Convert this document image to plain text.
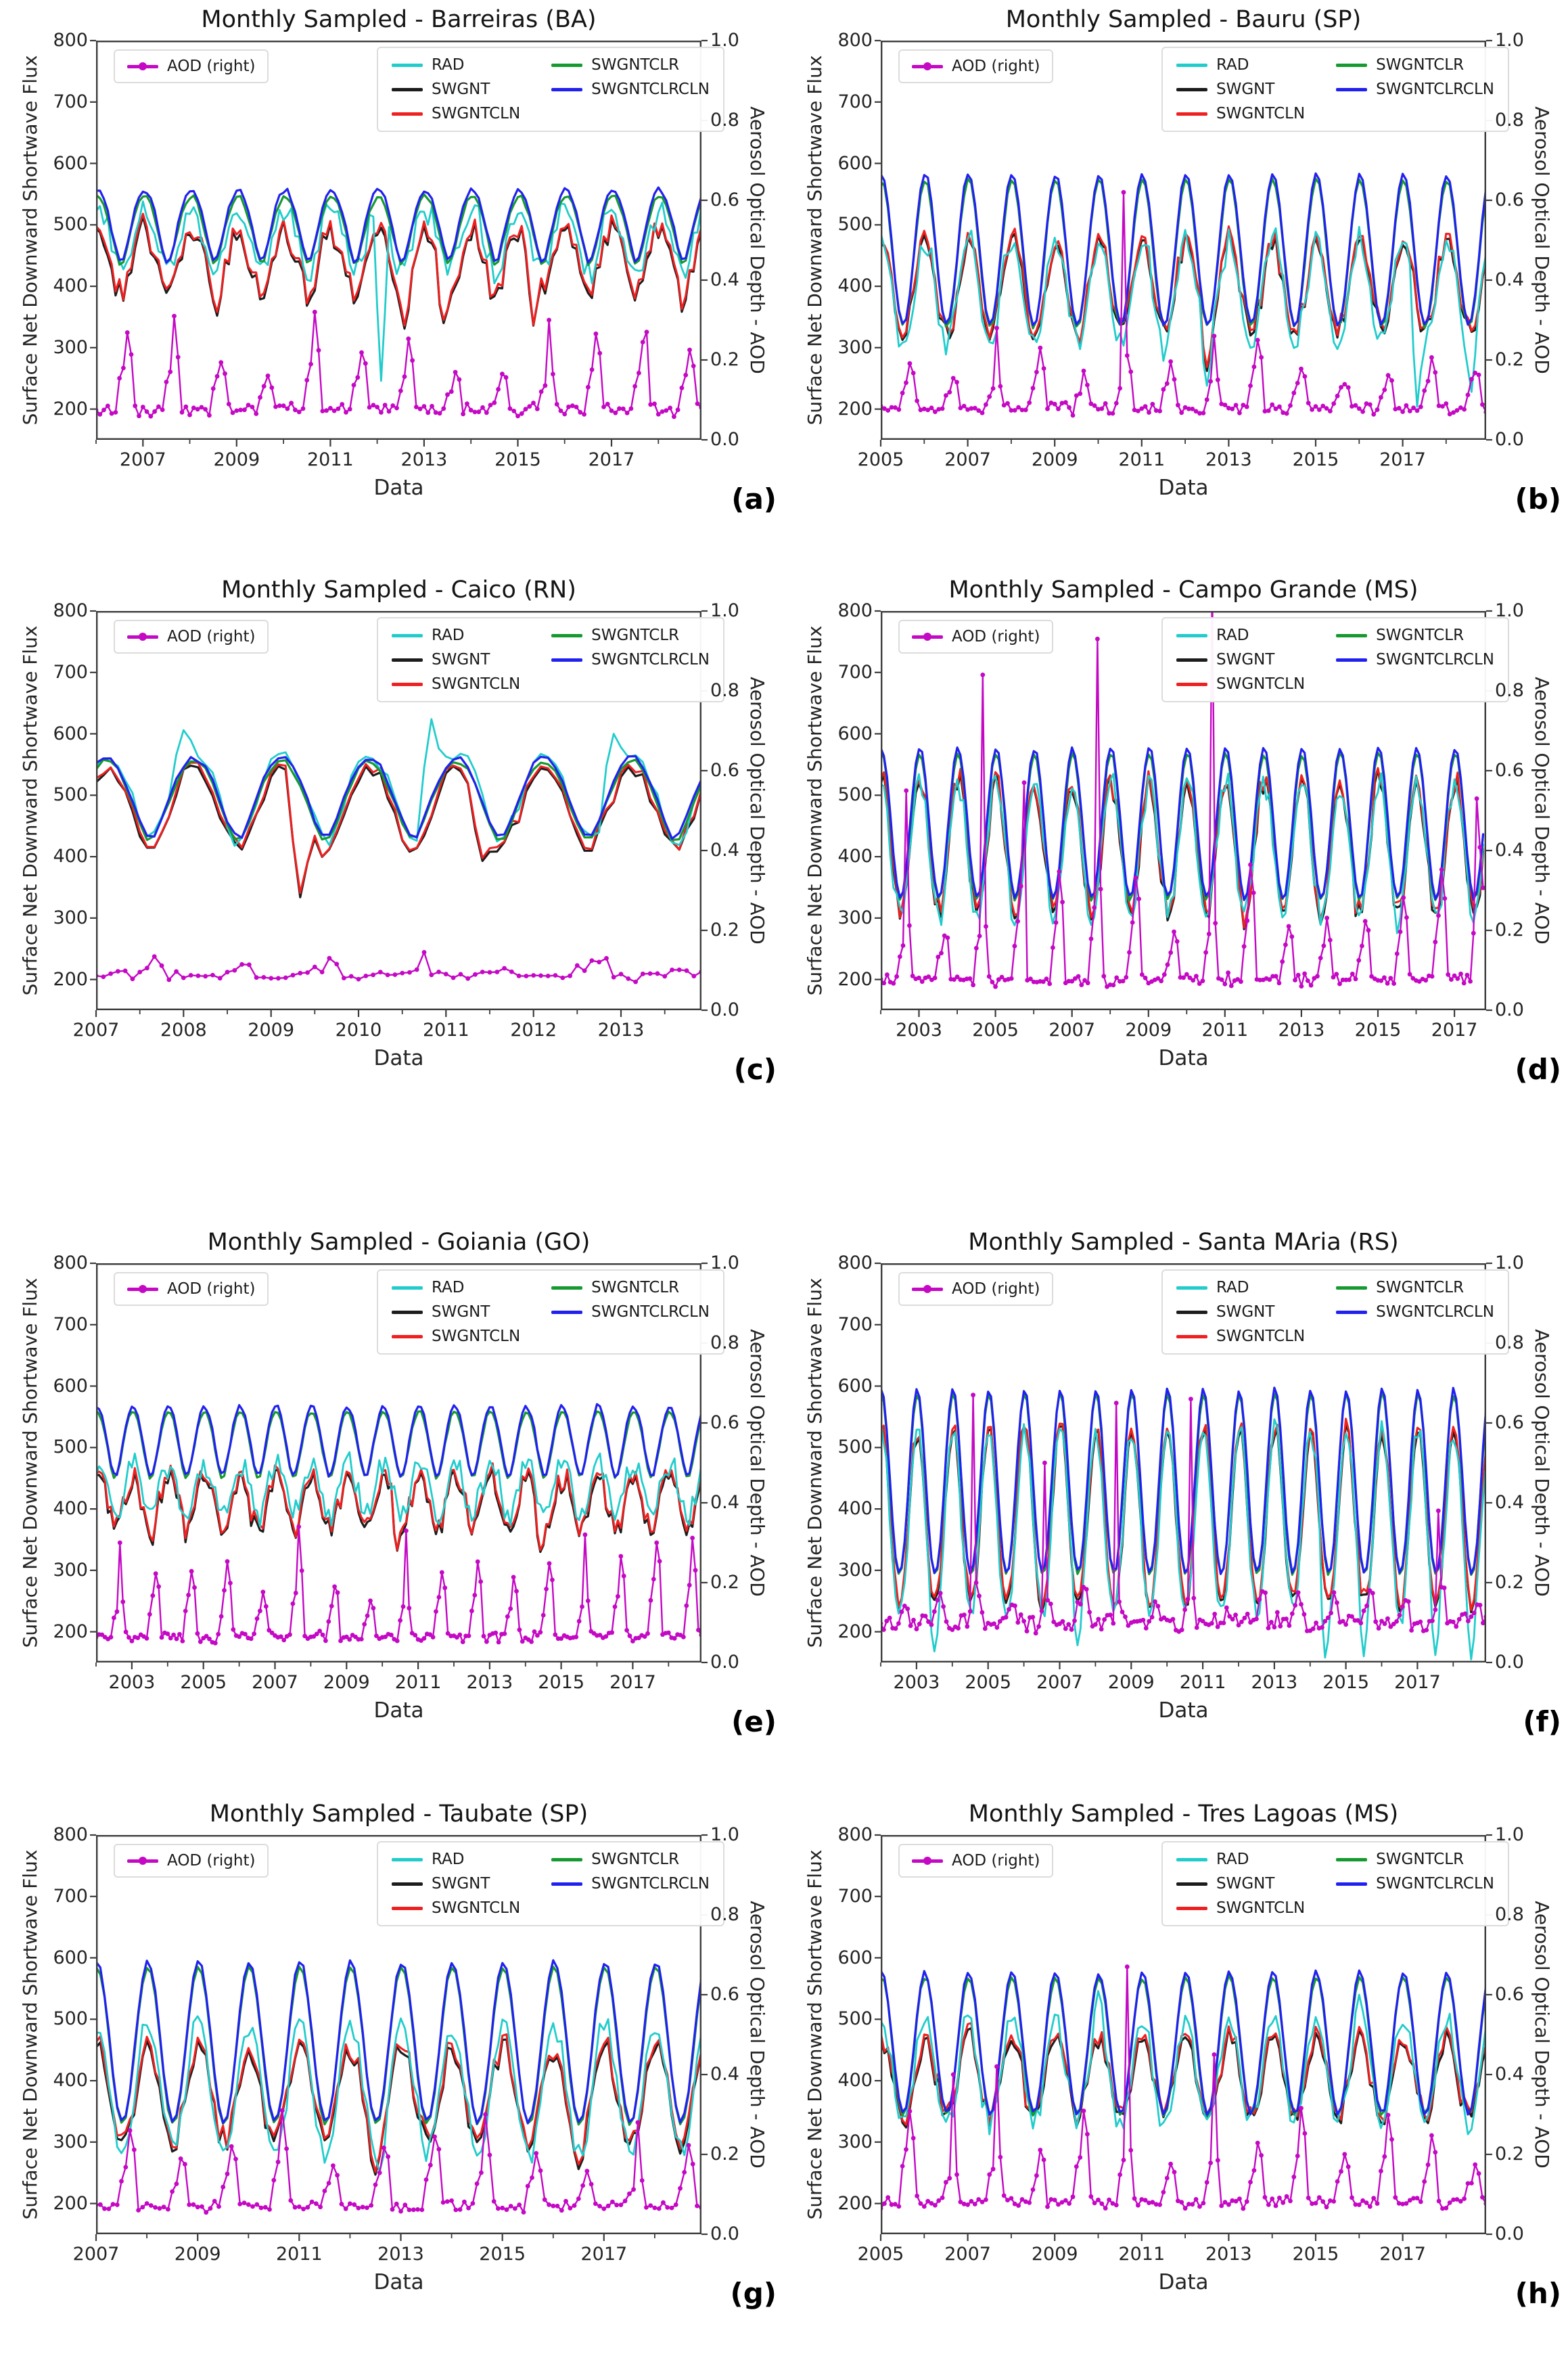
Monthly Sampled - Barreiras (BA)
Surface Net Downward Shortwave Flux	Aerosol Optical Depth - AOD
AOD (right)	RAD
SWGNT
SWGNTCLN
SWGNTCLR
SWGNTCLRCLN
Data	(a)
800
700
600
500
400
300
200
1.0
0.8
0.6
0.4
0.2
0.0
2007	2009	2011	2013	2015	2017
Monthly Sampled - Bauru (SP)
Surface Net Downward Shortwave Flux	Aerosol Optical Depth - AOD
AOD (right)	RAD
SWGNT
SWGNTCLN
SWGNTCLR
SWGNTCLRCLN
Data	(b)
800
700
600
500
400
300
200
1.0
0.8
0.6
0.4
0.2
0.0
2005	2007	2009	2011	2013	2015	2017
Monthly Sampled - Caico (RN)
Surface Net Downward Shortwave Flux	Aerosol Optical Depth - AOD
AOD (right)	RAD
SWGNT
SWGNTCLN
SWGNTCLR
SWGNTCLRCLN
Data	(c)
800
700
600
500
400
300
200
1.0
0.8
0.6
0.4
0.2
0.0
2007	2008	2009	2010	2011	2012	2013
Monthly Sampled - Campo Grande (MS)
Surface Net Downward Shortwave Flux	Aerosol Optical Depth - AOD
AOD (right)	RAD
SWGNT
SWGNTCLN
SWGNTCLR
SWGNTCLRCLN
Data	(d)
800
700
600
500
400
300
200
1.0
0.8
0.6
0.4
0.2
0.0
2003	2005	2007	2009	2011	2013	2015	2017
Monthly Sampled - Goiania (GO)
Surface Net Downward Shortwave Flux	Aerosol Optical Depth - AOD
AOD (right)	RAD
SWGNT
SWGNTCLN
SWGNTCLR
SWGNTCLRCLN
Data	(e)
800
700
600
500
400
300
200
1.0
0.8
0.6
0.4
0.2
0.0
2003	2005	2007	2009	2011	2013	2015	2017
Monthly Sampled - Santa MAria (RS)
Surface Net Downward Shortwave Flux	Aerosol Optical Depth - AOD
AOD (right)	RAD
SWGNT
SWGNTCLN
SWGNTCLR
SWGNTCLRCLN
Data	(f)
800
700
600
500
400
300
200
1.0
0.8
0.6
0.4
0.2
0.0
2003	2005	2007	2009	2011	2013	2015	2017
Monthly Sampled - Taubate (SP)
Surface Net Downward Shortwave Flux	Aerosol Optical Depth - AOD
AOD (right)	RAD
SWGNT
SWGNTCLN
SWGNTCLR
SWGNTCLRCLN
Data	(g)
800
700
600
500
400
300
200
1.0
0.8
0.6
0.4
0.2
0.0
2007	2009	2011	2013	2015	2017
Monthly Sampled - Tres Lagoas (MS)
Surface Net Downward Shortwave Flux	Aerosol Optical Depth - AOD
AOD (right)	RAD
SWGNT
SWGNTCLN
SWGNTCLR
SWGNTCLRCLN
Data	(h)
800
700
600
500
400
300
200
1.0
0.8
0.6
0.4
0.2
0.0
2005	2007	2009	2011	2013	2015	2017
